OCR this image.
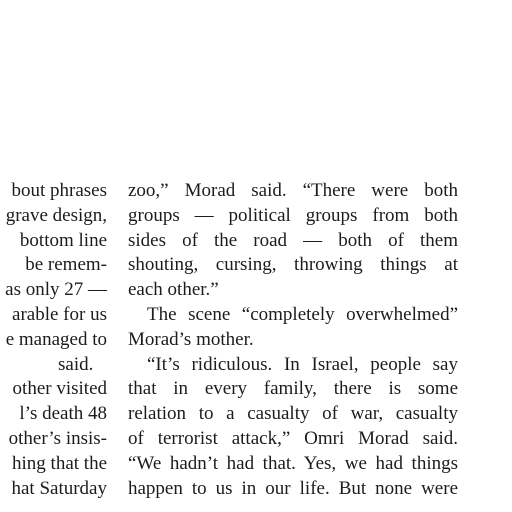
bout phrases
grave design,
bottom line
be remem-
as only 27 —
arable for us
e managed to
said.
other visited
l’s death 48
other’s insis-
hing that the
hat Saturday
zoo,” Morad said. “There were both
groups — political groups from both
sides of the road — both of them
shouting, cursing, throwing things at
each other.”
The scene “completely overwhelmed”
Morad’s mother.
“It’s ridiculous. In Israel, people say
that in every family, there is some
relation to a casualty of war, casualty
of terrorist attack,” Omri Morad said.
“We hadn’t had that. Yes, we had things
happen to us in our life. But none were
